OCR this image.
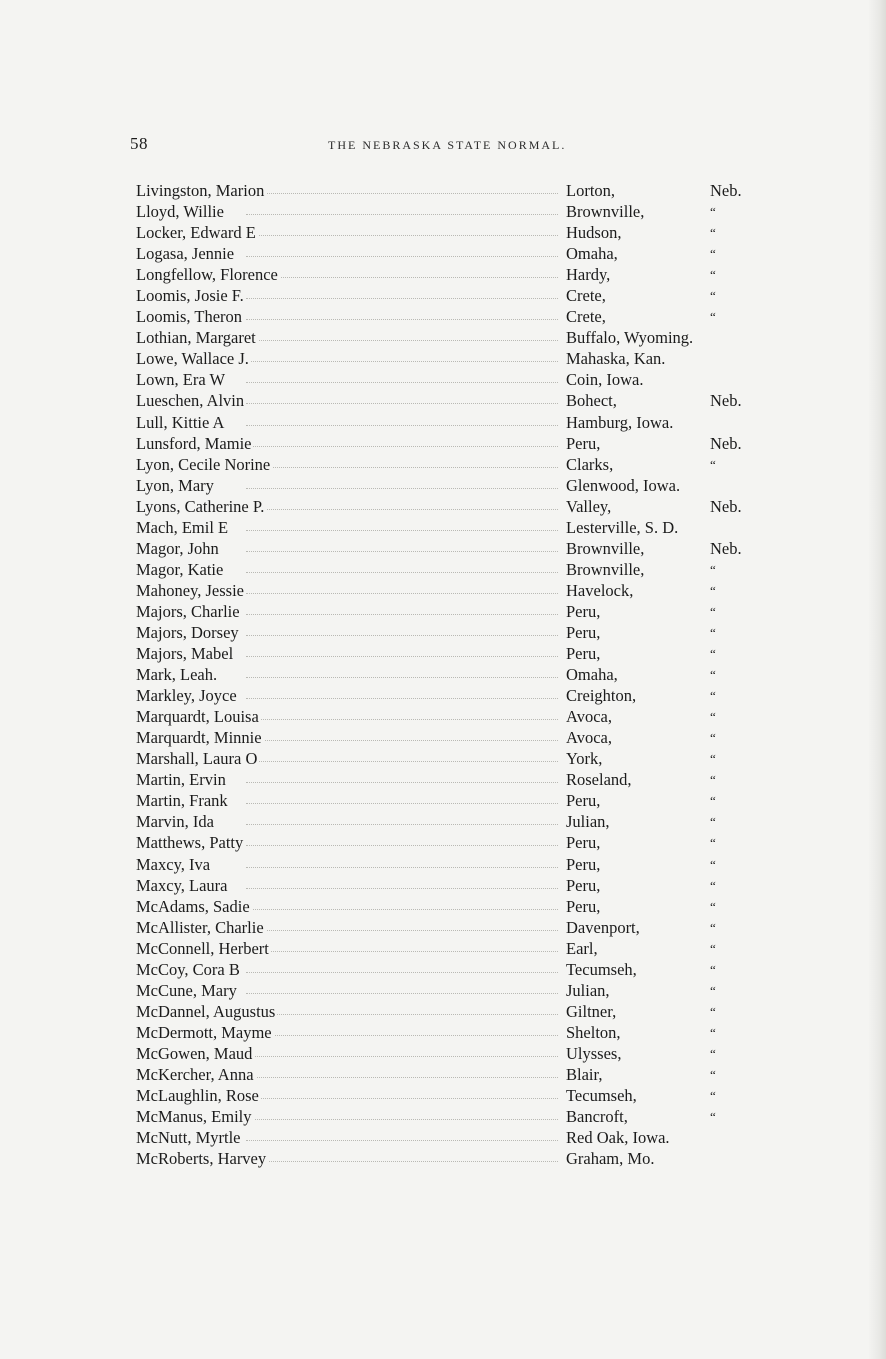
58	THE NEBRASKA STATE NORMAL.
Livingston, Marion	Lorton,	Neb.
Lloyd, Willie	Brownville,	“
Locker, Edward E	Hudson,	“
Logasa, Jennie	Omaha,	“
Longfellow, Florence	Hardy,	“
Loomis, Josie F.	Crete,	“
Loomis, Theron	Crete,	“
Lothian, Margaret	Buffalo, Wyoming.
Lowe, Wallace J.	Mahaska, Kan.
Lown, Era W	Coin, Iowa.
Lueschen, Alvin	Bohect,	Neb.
Lull, Kittie A	Hamburg, Iowa.
Lunsford, Mamie	Peru,	Neb.
Lyon, Cecile Norine	Clarks,	“
Lyon, Mary	Glenwood, Iowa.
Lyons, Catherine P.	Valley,	Neb.
Mach, Emil E	Lesterville, S. D.
Magor, John	Brownville,	Neb.
Magor, Katie	Brownville,	“
Mahoney, Jessie	Havelock,	“
Majors, Charlie	Peru,	“
Majors, Dorsey	Peru,	“
Majors, Mabel	Peru,	“
Mark, Leah.	Omaha,	“
Markley, Joyce	Creighton,	“
Marquardt, Louisa	Avoca,	“
Marquardt, Minnie	Avoca,	“
Marshall, Laura O	York,	“
Martin, Ervin	Roseland,	“
Martin, Frank	Peru,	“
Marvin, Ida	Julian,	“
Matthews, Patty	Peru,	“
Maxcy, Iva	Peru,	“
Maxcy, Laura	Peru,	“
McAdams, Sadie	Peru,	“
McAllister, Charlie	Davenport,	“
McConnell, Herbert	Earl,	“
McCoy, Cora B	Tecumseh,	“
McCune, Mary	Julian,	“
McDannel, Augustus	Giltner,	“
McDermott, Mayme	Shelton,	“
McGowen, Maud	Ulysses,	“
McKercher, Anna	Blair,	“
McLaughlin, Rose	Tecumseh,	“
McManus, Emily	Bancroft,	“
McNutt, Myrtle	Red Oak, Iowa.
McRoberts, Harvey	Graham, Mo.
